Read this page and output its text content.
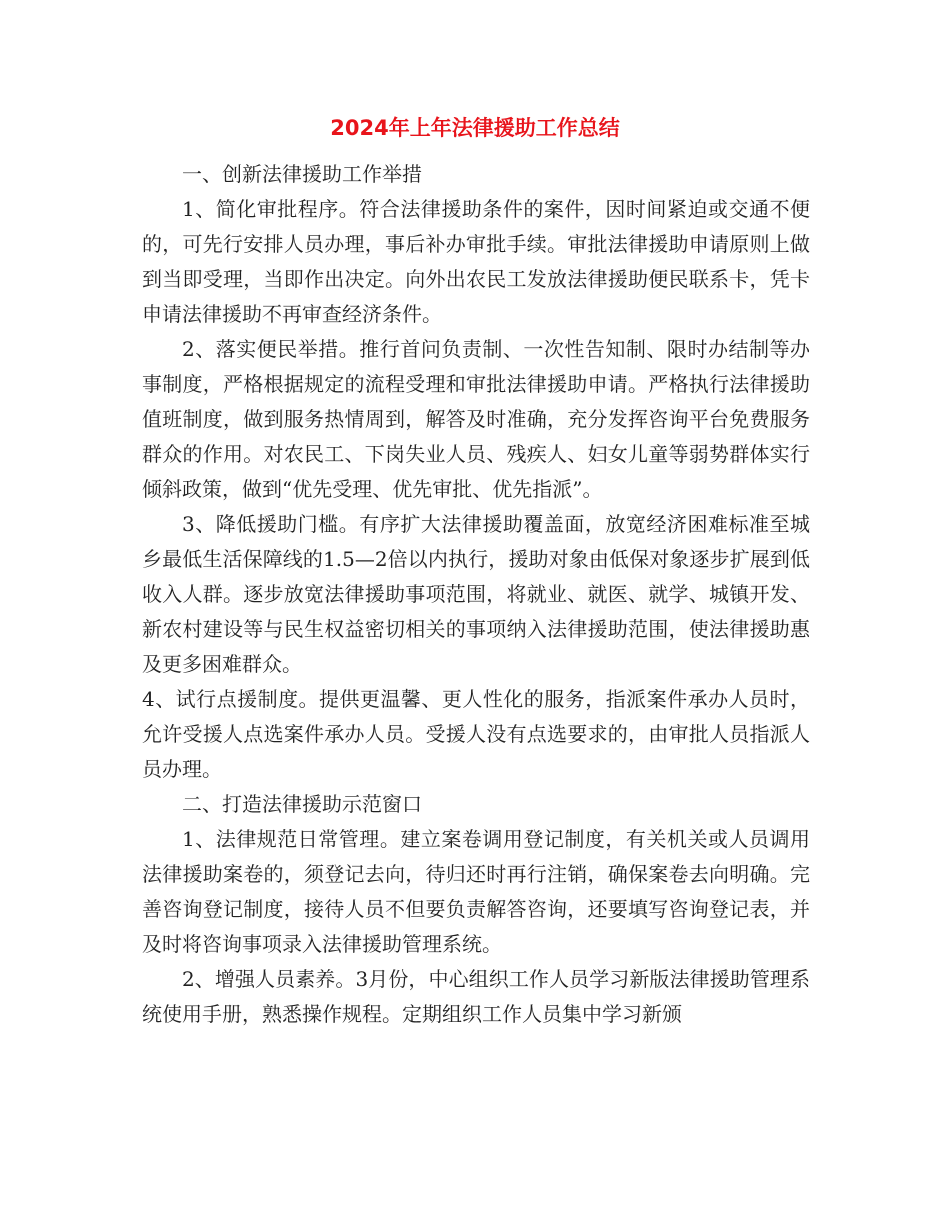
2024年上年法律援助工作总结

一、创新法律援助工作举措

1、简化审批程序。符合法律援助条件的案件，因时间紧迫或交通不便的，可先行安排人员办理，事后补办审批手续。审批法律援助申请原则上做到当即受理，当即作出决定。向外出农民工发放法律援助便民联系卡，凭卡申请法律援助不再审查经济条件。

2、落实便民举措。推行首问负责制、一次性告知制、限时办结制等办事制度，严格根据规定的流程受理和审批法律援助申请。严格执行法律援助值班制度，做到服务热情周到，解答及时准确，充分发挥咨询平台免费服务群众的作用。对农民工、下岗失业人员、残疾人、妇女儿童等弱势群体实行倾斜政策，做到“优先受理、优先审批、优先指派”。

3、降低援助门槛。有序扩大法律援助覆盖面，放宽经济困难标准至城乡最低生活保障线的1.5—2倍以内执行，援助对象由低保对象逐步扩展到低收入人群。逐步放宽法律援助事项范围，将就业、就医、就学、城镇开发、新农村建设等与民生权益密切相关的事项纳入法律援助范围，使法律援助惠及更多困难群众。

4、试行点援制度。提供更温馨、更人性化的服务，指派案件承办人员时，允许受援人点选案件承办人员。受援人没有点选要求的，由审批人员指派人员办理。

二、打造法律援助示范窗口

1、法律规范日常管理。建立案卷调用登记制度，有关机关或人员调用法律援助案卷的，须登记去向，待归还时再行注销，确保案卷去向明确。完善咨询登记制度，接待人员不但要负责解答咨询，还要填写咨询登记表，并及时将咨询事项录入法律援助管理系统。

2、增强人员素养。3月份，中心组织工作人员学习新版法律援助管理系统使用手册，熟悉操作规程。定期组织工作人员集中学习新颁
